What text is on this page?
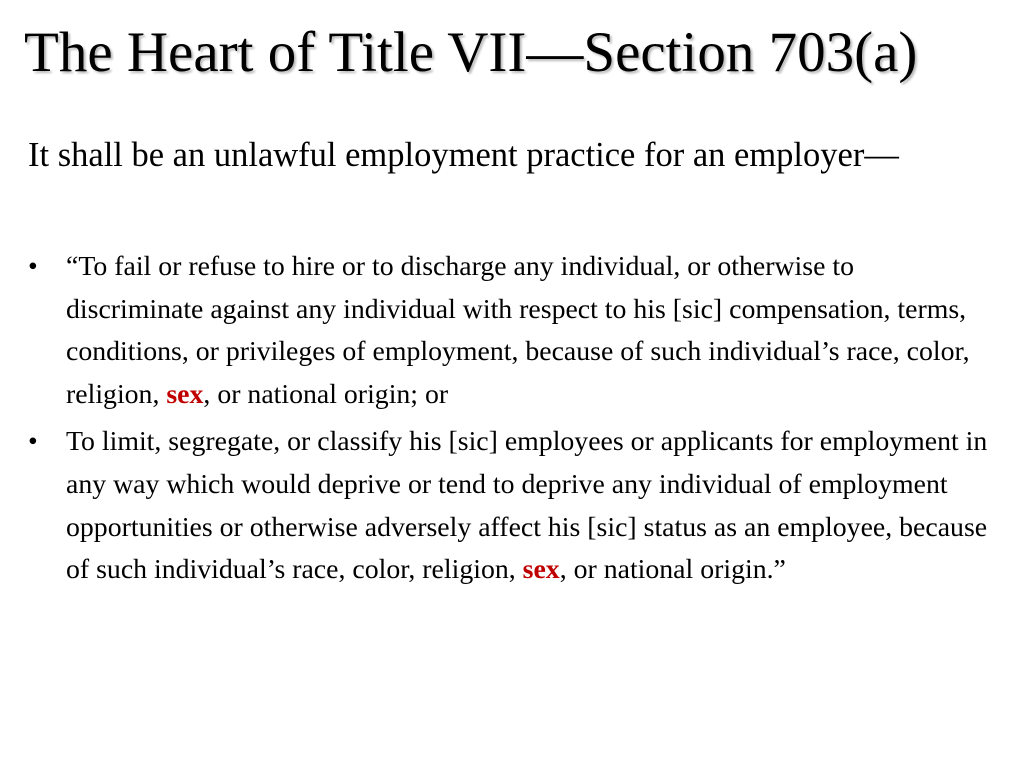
The Heart of Title VII—Section 703(a)

It shall be an unlawful employment practice for an employer—

• “To fail or refuse to hire or to discharge any individual, or otherwise to discriminate against any individual with respect to his [sic] compensation, terms, conditions, or privileges of employment, because of such individual’s race, color, religion, sex, or national origin; or
• To limit, segregate, or classify his [sic] employees or applicants for employment in any way which would deprive or tend to deprive any individual of employment opportunities or otherwise adversely affect his [sic] status as an employee, because of such individual’s race, color, religion, sex, or national origin.”
